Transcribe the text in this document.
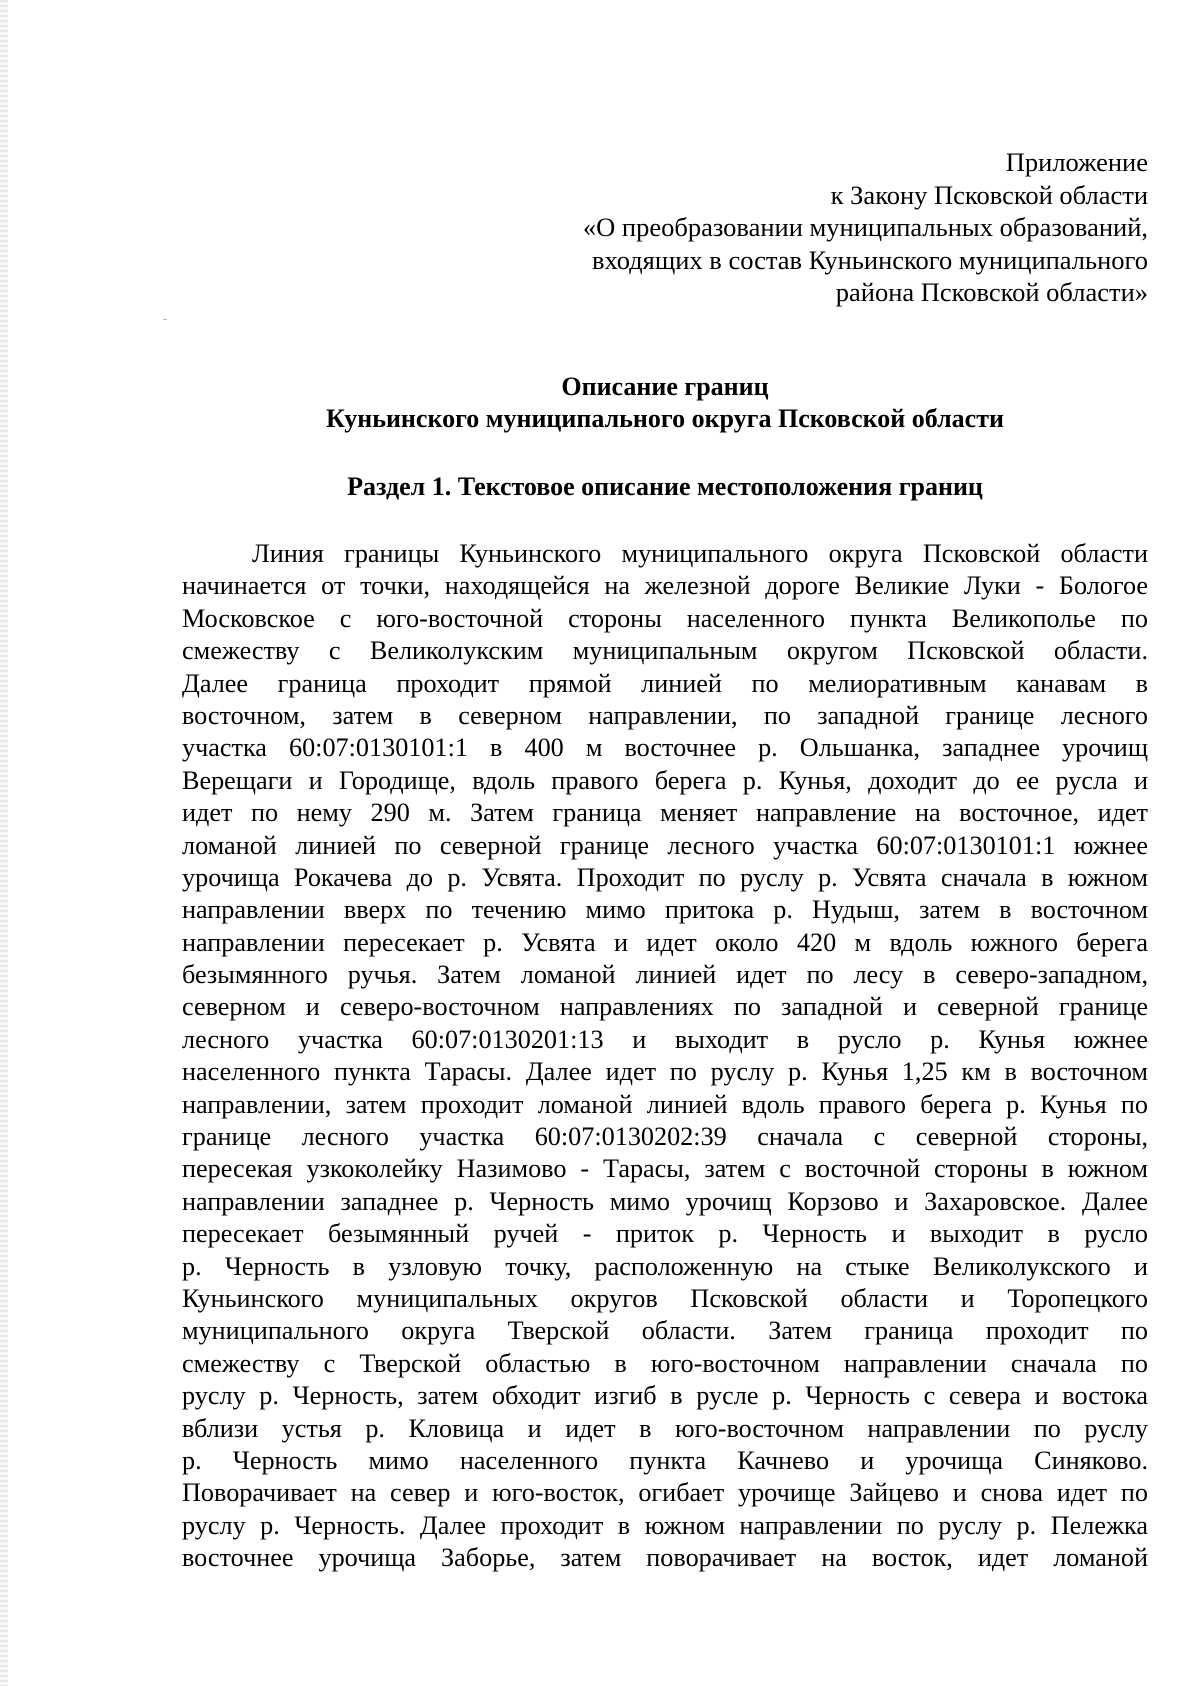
Приложение
к Закону Псковской области
«О преобразовании муниципальных образований,
входящих в состав Куньинского муниципального
района Псковской области»
Описание границ
Куньинского муниципального округа Псковской области
Раздел 1. Текстовое описание местоположения границ
Линия границы Куньинского муниципального округа Псковской области
начинается от точки, находящейся на железной дороге Великие Луки - Бологое
Московское с юго-восточной стороны населенного пункта Великополье по
смежеству с Великолукским муниципальным округом Псковской области.
Далее граница проходит прямой линией по мелиоративным канавам в
восточном, затем в северном направлении, по западной границе лесного
участка 60:07:0130101:1 в 400 м восточнее р. Ольшанка, западнее урочищ
Верещаги и Городище, вдоль правого берега р. Кунья, доходит до ее русла и
идет по нему 290 м. Затем граница меняет направление на восточное, идет
ломаной линией по северной границе лесного участка 60:07:0130101:1 южнее
урочища Рокачева до р. Усвята. Проходит по руслу р. Усвята сначала в южном
направлении вверх по течению мимо притока р. Нудыш, затем в восточном
направлении пересекает р. Усвята и идет около 420 м вдоль южного берега
безымянного ручья. Затем ломаной линией идет по лесу в северо-западном,
северном и северо-восточном направлениях по западной и северной границе
лесного участка 60:07:0130201:13 и выходит в русло р. Кунья южнее
населенного пункта Тарасы. Далее идет по руслу р. Кунья 1,25 км в восточном
направлении, затем проходит ломаной линией вдоль правого берега р. Кунья по
границе лесного участка 60:07:0130202:39 сначала с северной стороны,
пересекая узкоколейку Назимово - Тарасы, затем с восточной стороны в южном
направлении западнее р. Черность мимо урочищ Корзово и Захаровское. Далее
пересекает безымянный ручей - приток р. Черность и выходит в русло
р. Черность в узловую точку, расположенную на стыке Великолукского и
Куньинского муниципальных округов Псковской области и Торопецкого
муниципального округа Тверской области. Затем граница проходит по
смежеству с Тверской областью в юго-восточном направлении сначала по
руслу р. Черность, затем обходит изгиб в русле р. Черность с севера и востока
вблизи устья р. Кловица и идет в юго-восточном направлении по руслу
р. Черность мимо населенного пункта Качнево и урочища Синяково.
Поворачивает на север и юго-восток, огибает урочище Зайцево и снова идет по
руслу р. Черность. Далее проходит в южном направлении по руслу р. Пележка
восточнее урочища Заборье, затем поворачивает на восток, идет ломаной
